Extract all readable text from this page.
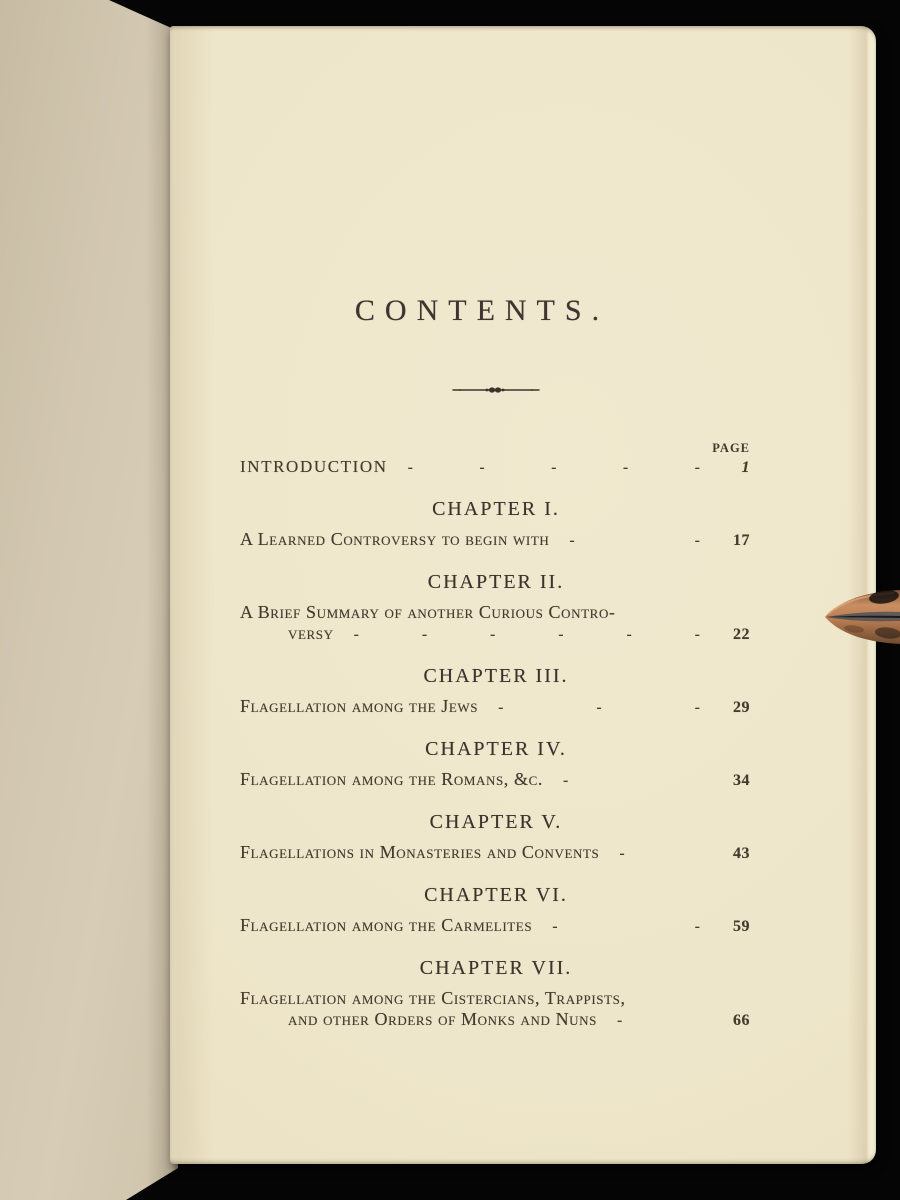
CONTENTS.
PAGE
INTRODUCTION -	-	-	-	-	1
CHAPTER I.
A Learned Controversy to begin with -	-	17
CHAPTER II.
A Brief Summary of another Curious Contro-
versy -	-	-	-	-	-	22
CHAPTER III.
Flagellation among the Jews -	-	-	29
CHAPTER IV.
Flagellation among the Romans, &c. -	34
CHAPTER V.
Flagellations in Monasteries and Convents -	43
CHAPTER VI.
Flagellation among the Carmelites -	-	59
CHAPTER VII.
Flagellation among the Cistercians, Trappists,
and other Orders of Monks and Nuns -	66
